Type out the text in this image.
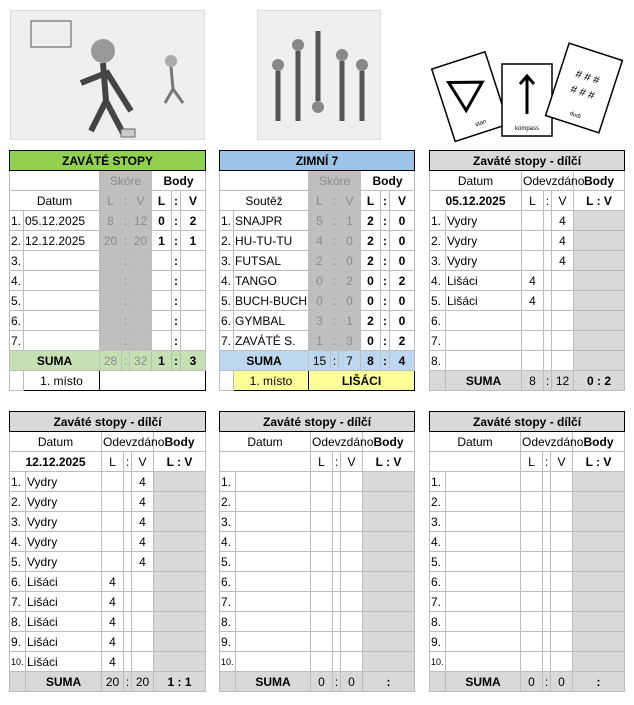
stan
kompass
# # #
# # #
dudi
ZAVÁTÉ STOPY							
		Skóre			Body		
Datum		L	:	V	L	:	V
1.	05.12.2025	8	:	12	0	:	2
2.	12.12.2025	20	:	20	1	:	1
3.			:			:	
4.			:			:	
5.			:			:	
6.			:			:	
7.			:			:	
SUMA		28	:	32	1	:	3
	1. místo						
ZIMNÍ 7							
		Skóre			Body		
Soutěž		L	:	V	L	:	V
1.	SNAJPR	5	:	1	2	:	0
2.	HU-TU-TU	4	:	0	2	:	0
3.	FUTSAL	2	:	0	2	:	0
4.	TANGO	0	:	2	0	:	2
5.	BUCH-BUCH	0	:	0	0	:	0
6.	GYMBAL	3	:	1	2	:	0
7.	ZAVÁTÉ S.	1	:	3	0	:	2
SUMA		15	:	7	8	:	4
	1. místo	LIŠÁCI					
Zaváté stopy - dílčí					
Datum		Odevzdáno			Body
05.12.2025		L	:	V	L : V
1.	Vydry			4	
2.	Vydry			4	
3.	Vydry			4	
4.	Lišáci	4			
5.	Lišáci	4			
6.					
7.					
8.					
	SUMA	8	:	12	0 : 2
Zaváté stopy - dílčí					
Datum		Odevzdáno			Body
12.12.2025		L	:	V	L : V
1.	Vydry			4	
2.	Vydry			4	
3.	Vydry			4	
4.	Vydry			4	
5.	Vydry			4	
6.	Lišáci	4			
7.	Lišáci	4			
8.	Lišáci	4			
9.	Lišáci	4			
10.	Lišáci	4			
	SUMA	20	:	20	1 : 1
Zaváté stopy - dílčí					
Datum		Odevzdáno			Body
		L	:	V	L : V
1.					
2.					
3.					
4.					
5.					
6.					
7.					
8.					
9.					
10.					
	SUMA	0	:	0	:
Zaváté stopy - dílčí					
Datum		Odevzdáno			Body
		L	:	V	L : V
1.					
2.					
3.					
4.					
5.					
6.					
7.					
8.					
9.					
10.					
	SUMA	0	:	0	:
